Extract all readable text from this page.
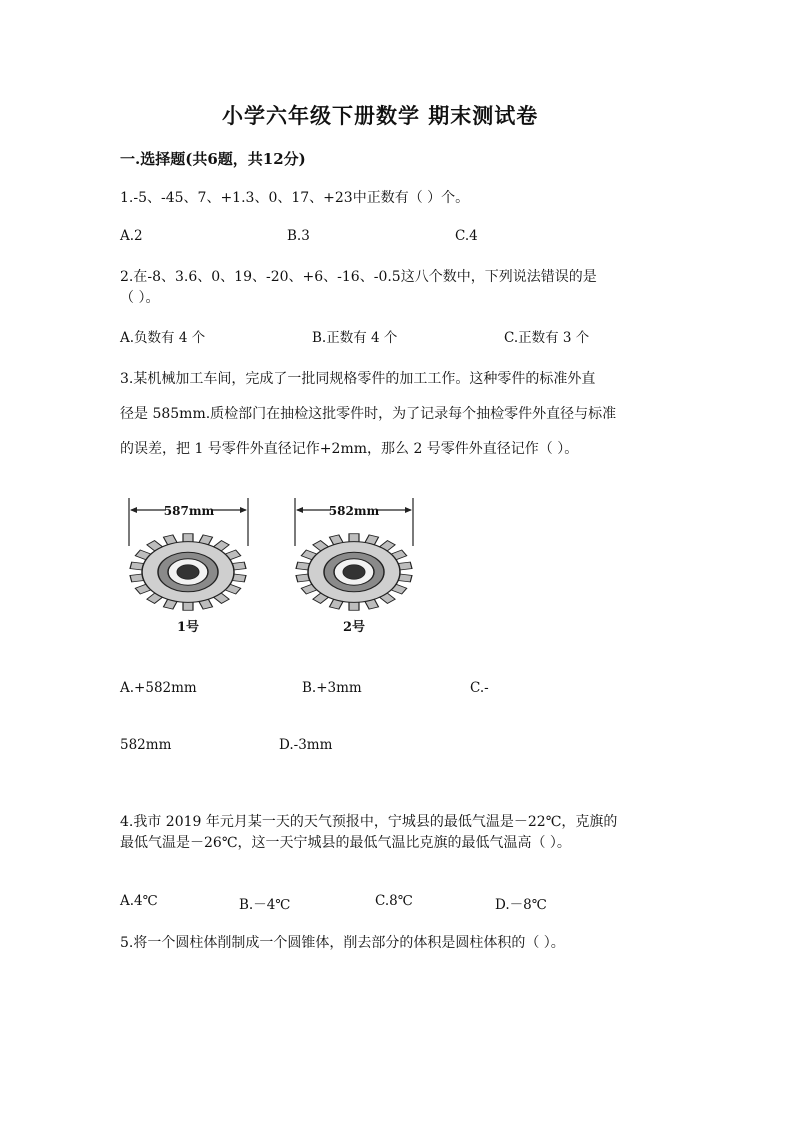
小学六年级下册数学 期末测试卷
一.选择题(共6题，共12分)
1.-5、-45、7、+1.3、0、17、+23中正数有（ ）个。
A.2	B.3	C.4
2.在-8、3.6、0、19、-20、+6、-16、-0.5这八个数中，下列说法错误的是
（ ）。
A.负数有 4 个	B.正数有 4 个	C.正数有 3 个
3.某机械加工车间，完成了一批同规格零件的加工工作。这种零件的标准外直
径是 585mm.质检部门在抽检这批零件时，为了记录每个抽检零件外直径与标准
的误差，把 1 号零件外直径记作+2mm，那么 2 号零件外直径记作（ ）。
587mm
1号
582mm
2号
A.+582mm	B.+3mm	C.-
582mm	D.-3mm
4.我市 2019 年元月某一天的天气预报中，宁城县的最低气温是－22℃，克旗的
最低气温是－26℃，这一天宁城县的最低气温比克旗的最低气温高（ ）。
A.4℃	B.－4℃	C.8℃	D.－8℃
5.将一个圆柱体削制成一个圆锥体，削去部分的体积是圆柱体积的（ ）。
